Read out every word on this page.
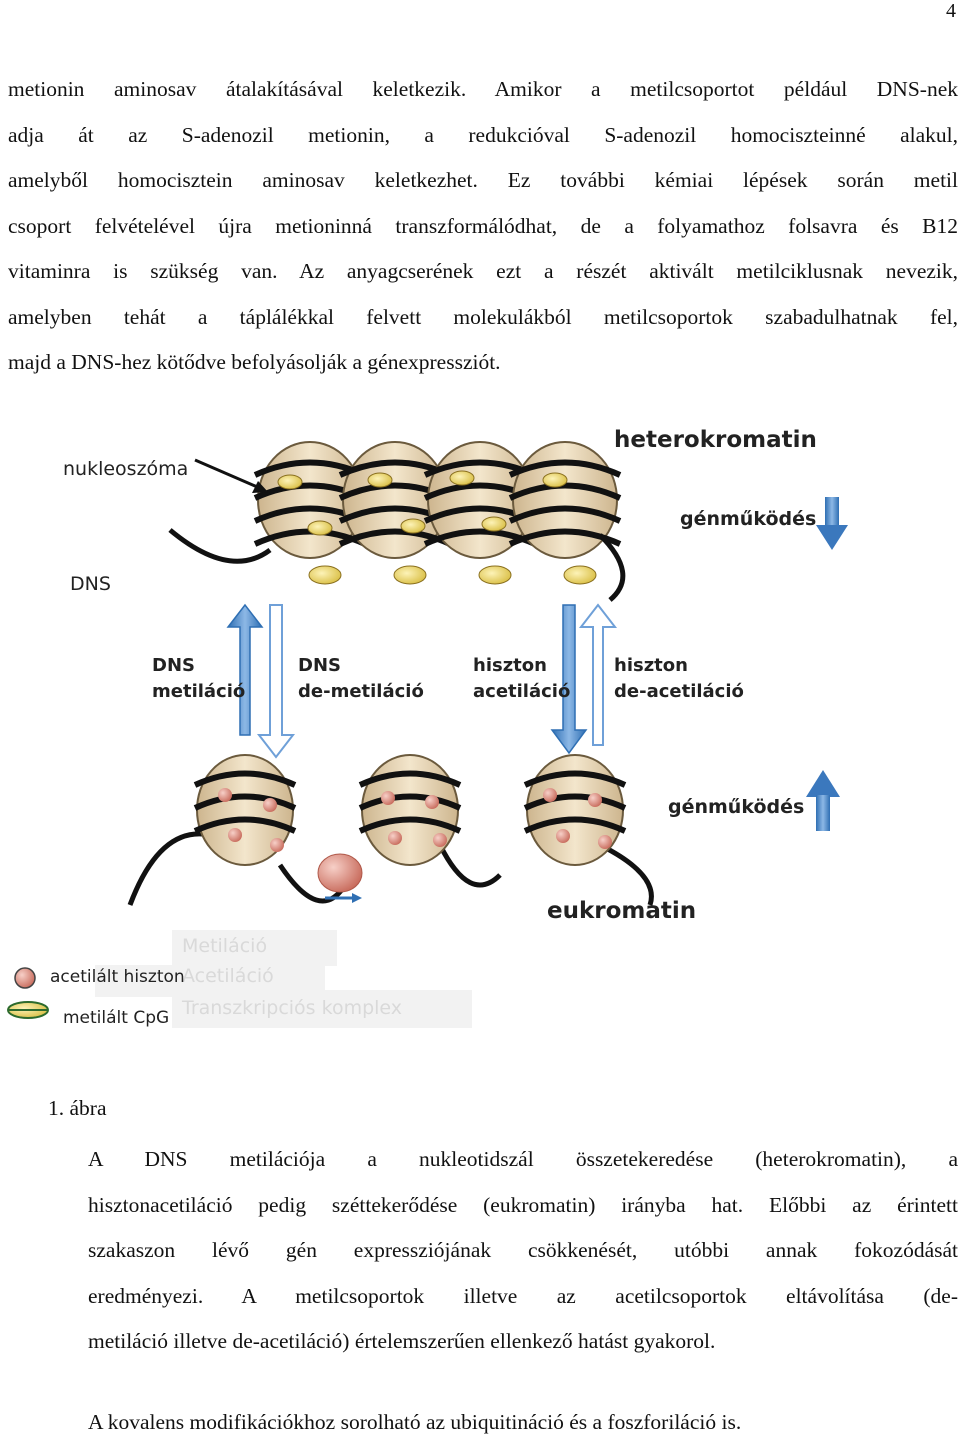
4
metionin aminosav átalakításával keletkezik. Amikor a metilcsoportot például DNS-nek
adja át az S-adenozil metionin, a redukcióval S-adenozil homociszteinné alakul,
amelyből homocisztein aminosav keletkezhet. Ez további kémiai lépések során metil
csoport felvételével újra metioninná transzformálódhat, de a folyamathoz folsavra és B12
vitaminra is szükség van. Az anyagcserének ezt a részét aktivált metilciklusnak nevezik,
amelyben tehát a táplálékkal felvett molekulákból metilcsoportok szabadulhatnak fel,
majd a DNS-hez kötődve befolyásolják a génexpressziót.
heterokromatin
nukleoszóma
DNS
génműködés
DNS
metiláció
DNS
de-metiláció
hiszton
acetiláció
hiszton
de-acetiláció
génműködés
eukromatin
Metiláció
Acetiláció
Transzkripciós komplex
acetilált hiszton
metilált CpG
1. ábra
A DNS metilációja a nukleotidszál összetekeredése (heterokromatin), a
hisztonacetiláció pedig széttekerődése (eukromatin) irányba hat. Előbbi az érintett
szakaszon lévő gén expressziójának csökkenését, utóbbi annak fokozódását
eredményezi. A metilcsoportok illetve az acetilcsoportok eltávolítása (de-
metiláció illetve de-acetiláció) értelemszerűen ellenkező hatást gyakorol.
A kovalens modifikációkhoz sorolható az ubiquitináció és a foszforiláció is.
